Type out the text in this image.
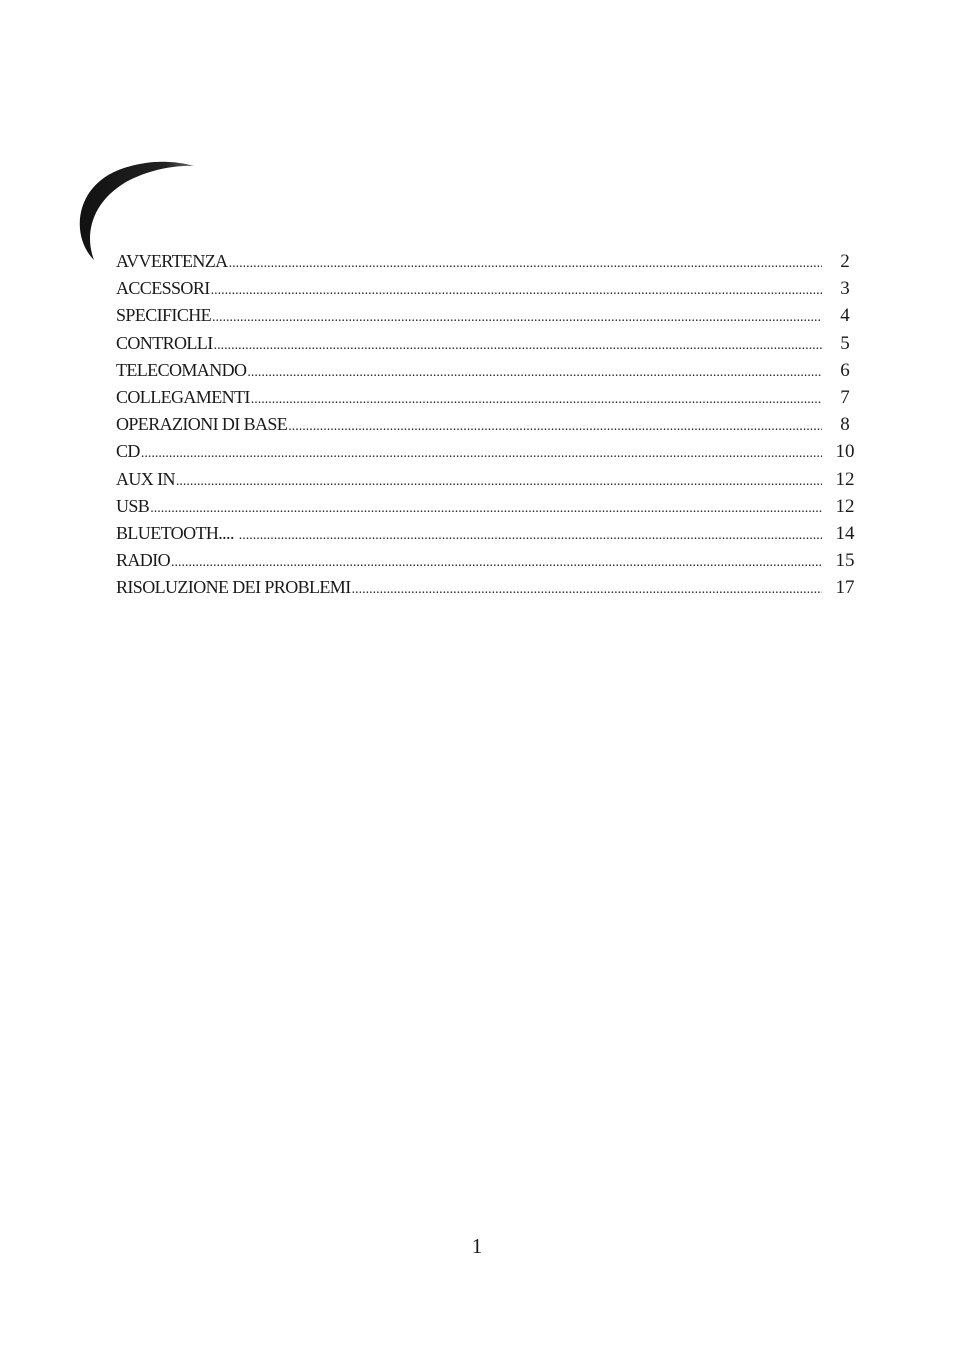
AVVERTENZA .....	2
ACCESSORI .....	3
SPECIFICHE .....	4
CONTROLLI .....	5
TELECOMANDO .....	6
COLLEGAMENTI .....	7
OPERAZIONI DI BASE .....	8
CD .....	10
AUX IN .....	12
USB .....	12
BLUETOOTH.... .....	14
RADIO .....	15
RISOLUZIONE DEI PROBLEMI .....	17
1
